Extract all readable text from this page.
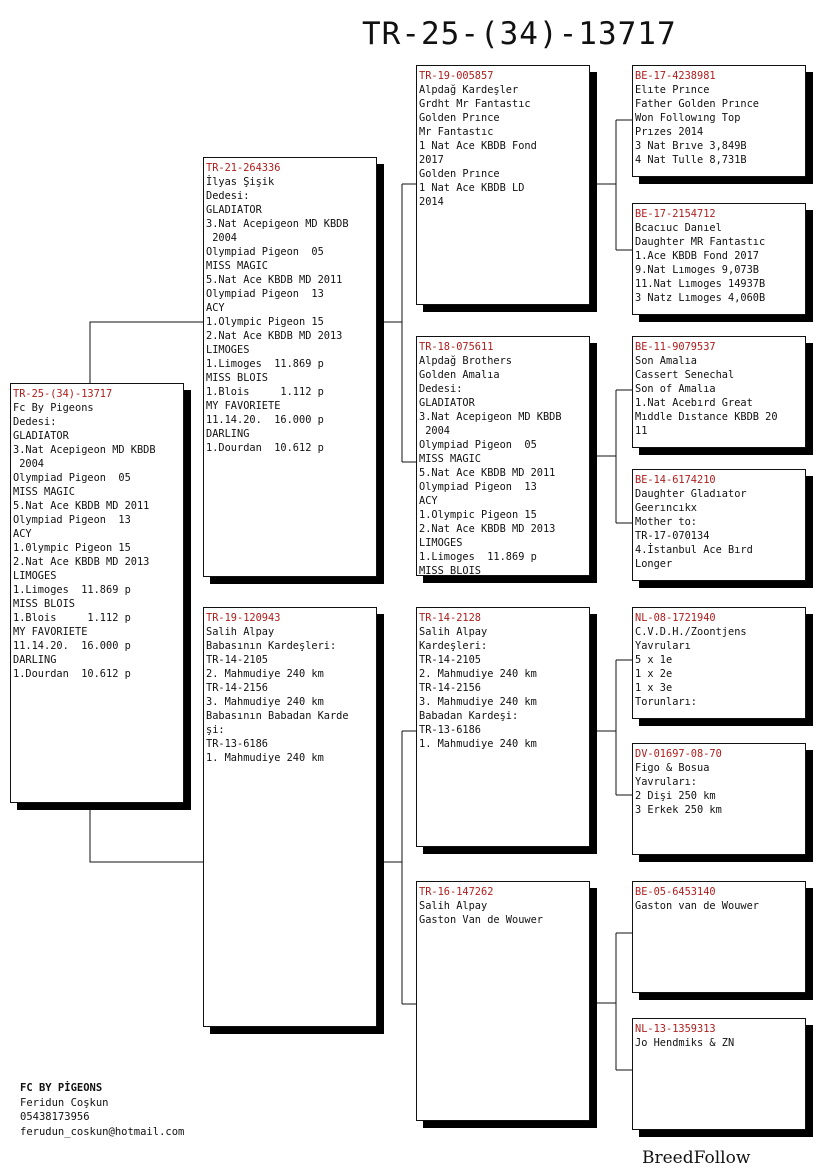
TR-25-(34)-13717
TR-25-(34)-13717
Fc By Pigeons
Dedesi:
GLADIATOR
3.Nat Acepigeon MD KBDB
2004
Olympiad Pigeon  05
MISS MAGIC
5.Nat Ace KBDB MD 2011
Olympiad Pigeon  13
ACY
1.0lympic Pigeon 15
2.Nat Ace KBDB MD 2013
LIMOGES
1.Limoges  11.869 p
MISS BLOIS
1.Blois     1.112 p
MY FAVORIETE
11.14.20.  16.000 p
DARLING
1.Dourdan  10.612 p
TR-21-264336
İlyas Şişik
Dedesi:
GLADIATOR
3.Nat Acepigeon MD KBDB
2004
Olympiad Pigeon  05
MISS MAGIC
5.Nat Ace KBDB MD 2011
Olympiad Pigeon  13
ACY
1.Olympic Pigeon 15
2.Nat Ace KBDB MD 2013
LIMOGES
1.Limoges  11.869 p
MISS BLOIS
1.Blois     1.112 p
MY FAVORIETE
11.14.20.  16.000 p
DARLING
1.Dourdan  10.612 p
TR-19-120943
Salih Alpay
Babasının Kardeşleri:
TR-14-2105
2. Mahmudiye 240 km
TR-14-2156
3. Mahmudiye 240 km
Babasının Babadan Karde
şi:
TR-13-6186
1. Mahmudiye 240 km
TR-19-005857
Alpdağ Kardeşler
Grdht Mr Fantastıc
Golden Prınce
Mr Fantastıc
1 Nat Ace KBDB Fond
2017
Golden Prınce
1 Nat Ace KBDB LD
2014
TR-18-075611
Alpdağ Brothers
Golden Amalıa
Dedesi:
GLADIATOR
3.Nat Acepigeon MD KBDB
2004
Olympiad Pigeon  05
MISS MAGIC
5.Nat Ace KBDB MD 2011
Olympiad Pigeon  13
ACY
1.Olympic Pigeon 15
2.Nat Ace KBDB MD 2013
LIMOGES
1.Limoges  11.869 p
MISS BLOIS
TR-14-2128
Salih Alpay
Kardeşleri:
TR-14-2105
2. Mahmudiye 240 km
TR-14-2156
3. Mahmudiye 240 km
Babadan Kardeşi:
TR-13-6186
1. Mahmudiye 240 km
TR-16-147262
Salih Alpay
Gaston Van de Wouwer
BE-17-4238981
Elıte Prınce
Father Golden Prınce
Won Followıng Top
Prızes 2014
3 Nat Brıve 3,849B
4 Nat Tulle 8,731B
BE-17-2154712
Bcacıuc Danıel
Daughter MR Fantastıc
1.Ace KBDB Fond 2017
9.Nat Lımoges 9,073B
11.Nat Lımoges 14937B
3 Natz Lımoges 4,060B
BE-11-9079537
Son Amalıa
Cassert Senechal
Son of Amalıa
1.Nat Acebırd Great
Mıddle Dıstance KBDB 20
11
BE-14-6174210
Daughter Gladıator
Geerıncıkx
Mother to:
TR-17-070134
4.İstanbul Ace Bırd
Longer
NL-08-1721940
C.V.D.H./Zoontjens
Yavruları
5 x 1e
1 x 2e
1 x 3e
Torunları:
DV-01697-08-70
Figo & Bosua
Yavruları:
2 Dişi 250 km
3 Erkek 250 km
BE-05-6453140
Gaston van de Wouwer
NL-13-1359313
Jo Hendmiks & ZN
FC BY PİGEONS
Feridun Coşkun
05438173956
ferudun_coskun@hotmail.com
BreedFollow
